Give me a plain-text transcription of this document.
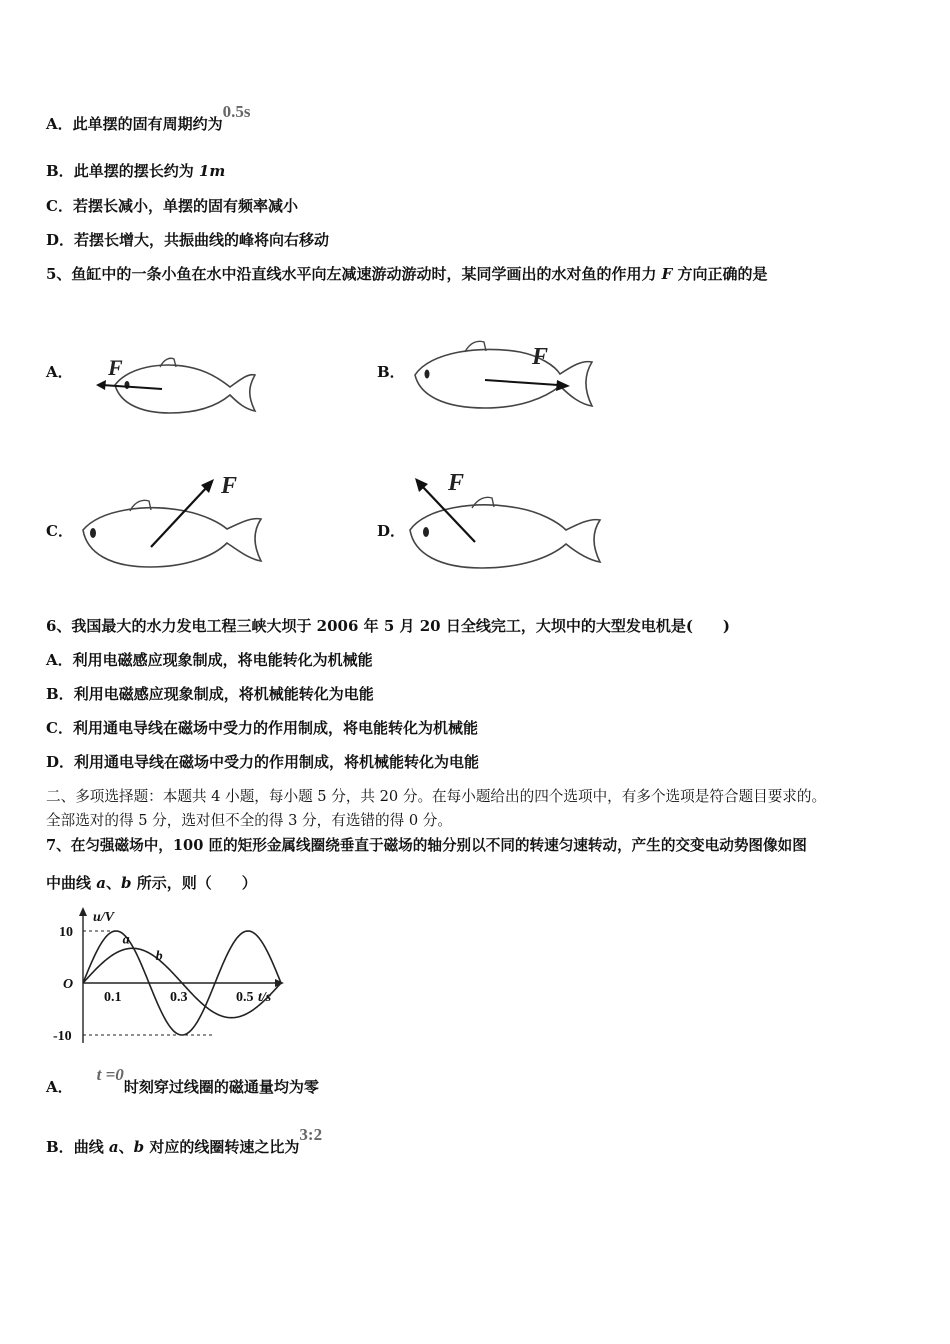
A．此单摆的固有周期约为0.5s
B．此单摆的摆长约为 1m
C．若摆长减小，单摆的固有频率减小
D．若摆长增大，共振曲线的峰将向右移动
5、鱼缸中的一条小鱼在水中沿直线水平向左减速游动游动时，某同学画出的水对鱼的作用力 F 方向正确的是
A．	B．
C．	D．
F	F
F	F
6、我国最大的水力发电工程三峡大坝于 2006 年 5 月 20 日全线完工，大坝中的大型发电机是(　　)
A．利用电磁感应现象制成，将电能转化为机械能
B．利用电磁感应现象制成，将机械能转化为电能
C．利用通电导线在磁场中受力的作用制成，将电能转化为机械能
D．利用通电导线在磁场中受力的作用制成，将机械能转化为电能
二、多项选择题：本题共 4 小题，每小题 5 分，共 20 分。在每小题给出的四个选项中，有多个选项是符合题目要求的。
全部选对的得 5 分，选对但不全的得 3 分，有选错的得 0 分。
7、在匀强磁场中，100 匝的矩形金属线圈绕垂直于磁场的轴分别以不同的转速匀速转动，产生的交变电动势图像如图
中曲线 a、b 所示，则（　　）
u/V
t/s
O
10
-10
0.1	0.3	0.5
a
b
A．t =0时刻穿过线圈的磁通量均为零
B．曲线 a、b 对应的线圈转速之比为3:2
